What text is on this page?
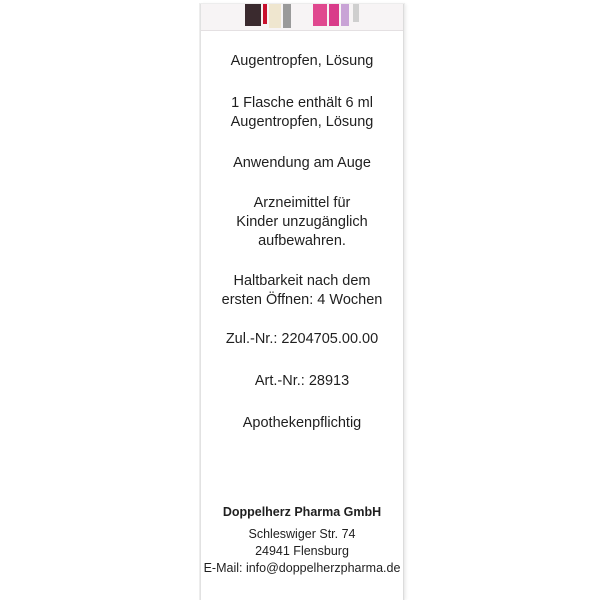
Augentropfen, Lösung
1 Flasche enthält 6 ml
Augentropfen, Lösung
Anwendung am Auge
Arzneimittel für
Kinder unzugänglich
aufbewahren.
Haltbarkeit nach dem
ersten Öffnen: 4 Wochen
Zul.-Nr.: 2204705.00.00
Art.-Nr.: 28913
Apothekenpflichtig
Doppelherz Pharma GmbH
Schleswiger Str. 74
24941 Flensburg
E-Mail: info@doppelherzpharma.de
